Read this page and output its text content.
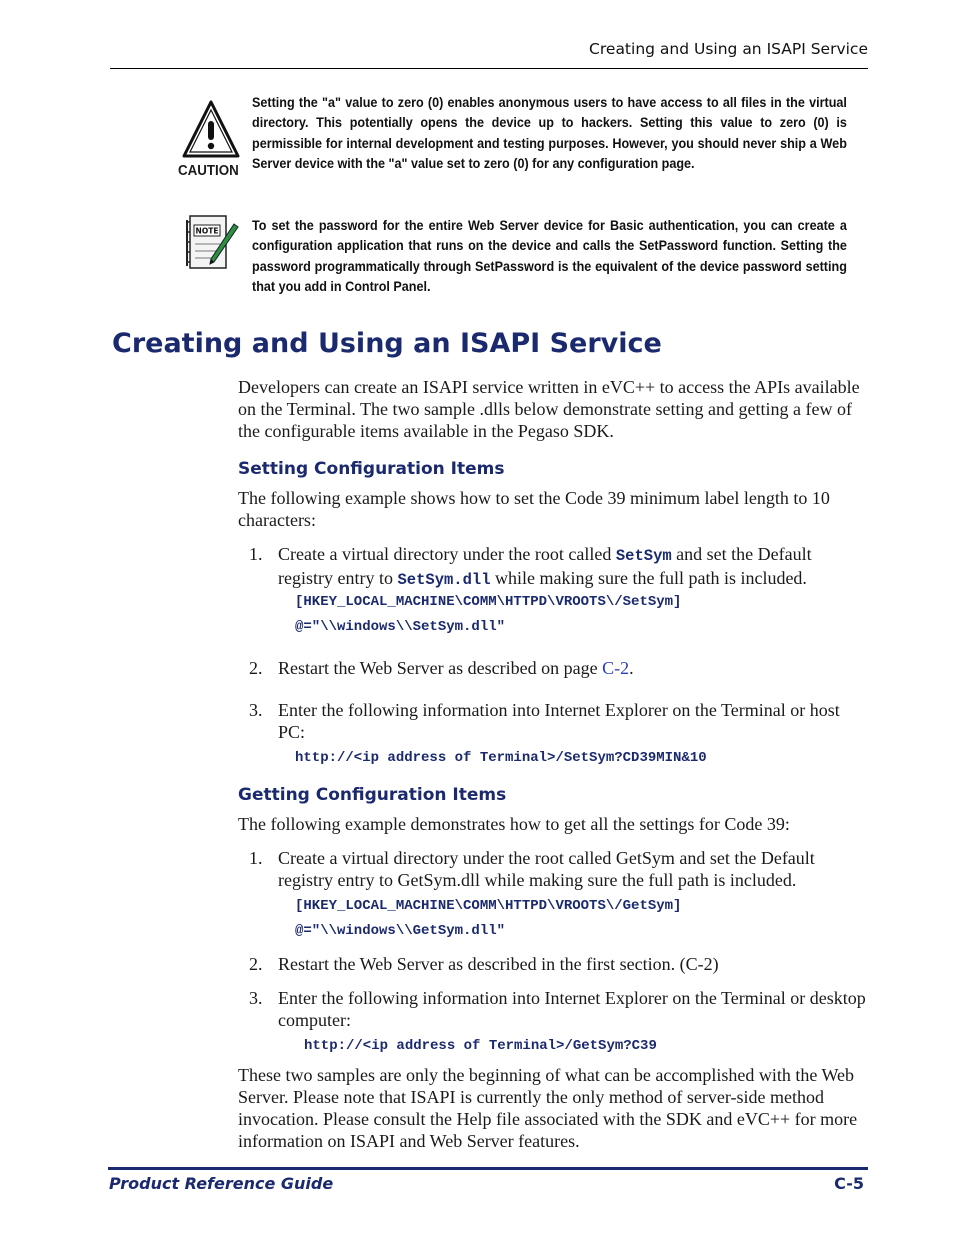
Creating and Using an ISAPI Service
CAUTION
Setting the "a" value to zero (0) enables anonymous users to have access to all files in the virtual directory. This potentially opens the device up to hackers. Setting this value to zero (0) is permissible for internal development and testing purposes. However, you should never ship a Web Server device with the "a" value set to zero (0) for any configuration page.
NOTE To set the password for the entire Web Server device for Basic authentication, you can create a configuration application that runs on the device and calls the SetPassword function. Setting the password programmatically through SetPassword is the equivalent of the device password setting that you add in Control Panel.
Creating and Using an ISAPI Service
Developers can create an ISAPI service written in eVC++ to access the APIs available on the Terminal. The two sample .dlls below demonstrate setting and getting a few of the configurable items available in the Pegaso SDK.
Setting Configuration Items
The following example shows how to set the Code 39 minimum label length to 10 characters:
1. Create a virtual directory under the root called SetSym and set the Default registry entry to SetSym.dll while making sure the full path is included.
[HKEY_LOCAL_MACHINE\COMM\HTTPD\VROOTS\/SetSym]
@="\\windows\\SetSym.dll"
2. Restart the Web Server as described on page C-2.
3. Enter the following information into Internet Explorer on the Terminal or host PC:
http://<ip address of Terminal>/SetSym?CD39MIN&10
Getting Configuration Items
The following example demonstrates how to get all the settings for Code 39:
1. Create a virtual directory under the root called GetSym and set the Default registry entry to GetSym.dll while making sure the full path is included.
[HKEY_LOCAL_MACHINE\COMM\HTTPD\VROOTS\/GetSym]
@="\\windows\\GetSym.dll"
2. Restart the Web Server as described in the first section. (C-2)
3. Enter the following information into Internet Explorer on the Terminal or desktop computer:
http://<ip address of Terminal>/GetSym?C39
These two samples are only the beginning of what can be accomplished with the Web Server. Please note that ISAPI is currently the only method of server-side method invocation. Please consult the Help file associated with the SDK and eVC++ for more information on ISAPI and Web Server features.
Product Reference Guide	C-5
